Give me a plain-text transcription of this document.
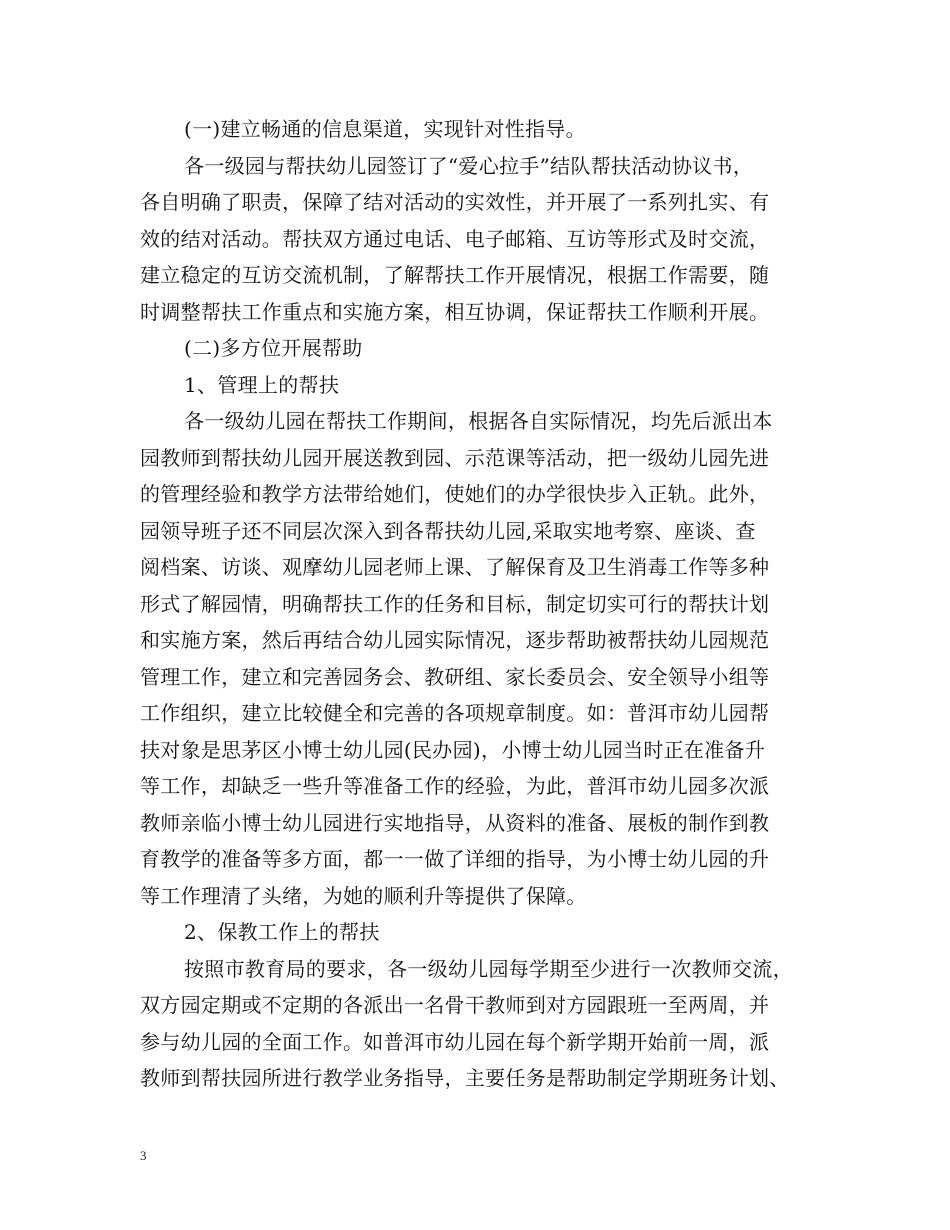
(一)建立畅通的信息渠道，实现针对性指导。
各一级园与帮扶幼儿园签订了“爱心拉手”结队帮扶活动协议书，
各自明确了职责，保障了结对活动的实效性，并开展了一系列扎实、有
效的结对活动。帮扶双方通过电话、电子邮箱、互访等形式及时交流，
建立稳定的互访交流机制，了解帮扶工作开展情况，根据工作需要，随
时调整帮扶工作重点和实施方案，相互协调，保证帮扶工作顺利开展。
(二)多方位开展帮助
1、管理上的帮扶
各一级幼儿园在帮扶工作期间，根据各自实际情况，均先后派出本
园教师到帮扶幼儿园开展送教到园、示范课等活动，把一级幼儿园先进
的管理经验和教学方法带给她们，使她们的办学很快步入正轨。此外，
园领导班子还不同层次深入到各帮扶幼儿园,采取实地考察、座谈、查
阅档案、访谈、观摩幼儿园老师上课、了解保育及卫生消毒工作等多种
形式了解园情，明确帮扶工作的任务和目标，制定切实可行的帮扶计划
和实施方案，然后再结合幼儿园实际情况，逐步帮助被帮扶幼儿园规范
管理工作，建立和完善园务会、教研组、家长委员会、安全领导小组等
工作组织，建立比较健全和完善的各项规章制度。如：普洱市幼儿园帮
扶对象是思茅区小博士幼儿园(民办园)，小博士幼儿园当时正在准备升
等工作，却缺乏一些升等准备工作的经验，为此，普洱市幼儿园多次派
教师亲临小博士幼儿园进行实地指导，从资料的准备、展板的制作到教
育教学的准备等多方面，都一一做了详细的指导，为小博士幼儿园的升
等工作理清了头绪，为她的顺利升等提供了保障。
2、保教工作上的帮扶
按照市教育局的要求，各一级幼儿园每学期至少进行一次教师交流，
双方园定期或不定期的各派出一名骨干教师到对方园跟班一至两周，并
参与幼儿园的全面工作。如普洱市幼儿园在每个新学期开始前一周，派
教师到帮扶园所进行教学业务指导，主要任务是帮助制定学期班务计划、
3
